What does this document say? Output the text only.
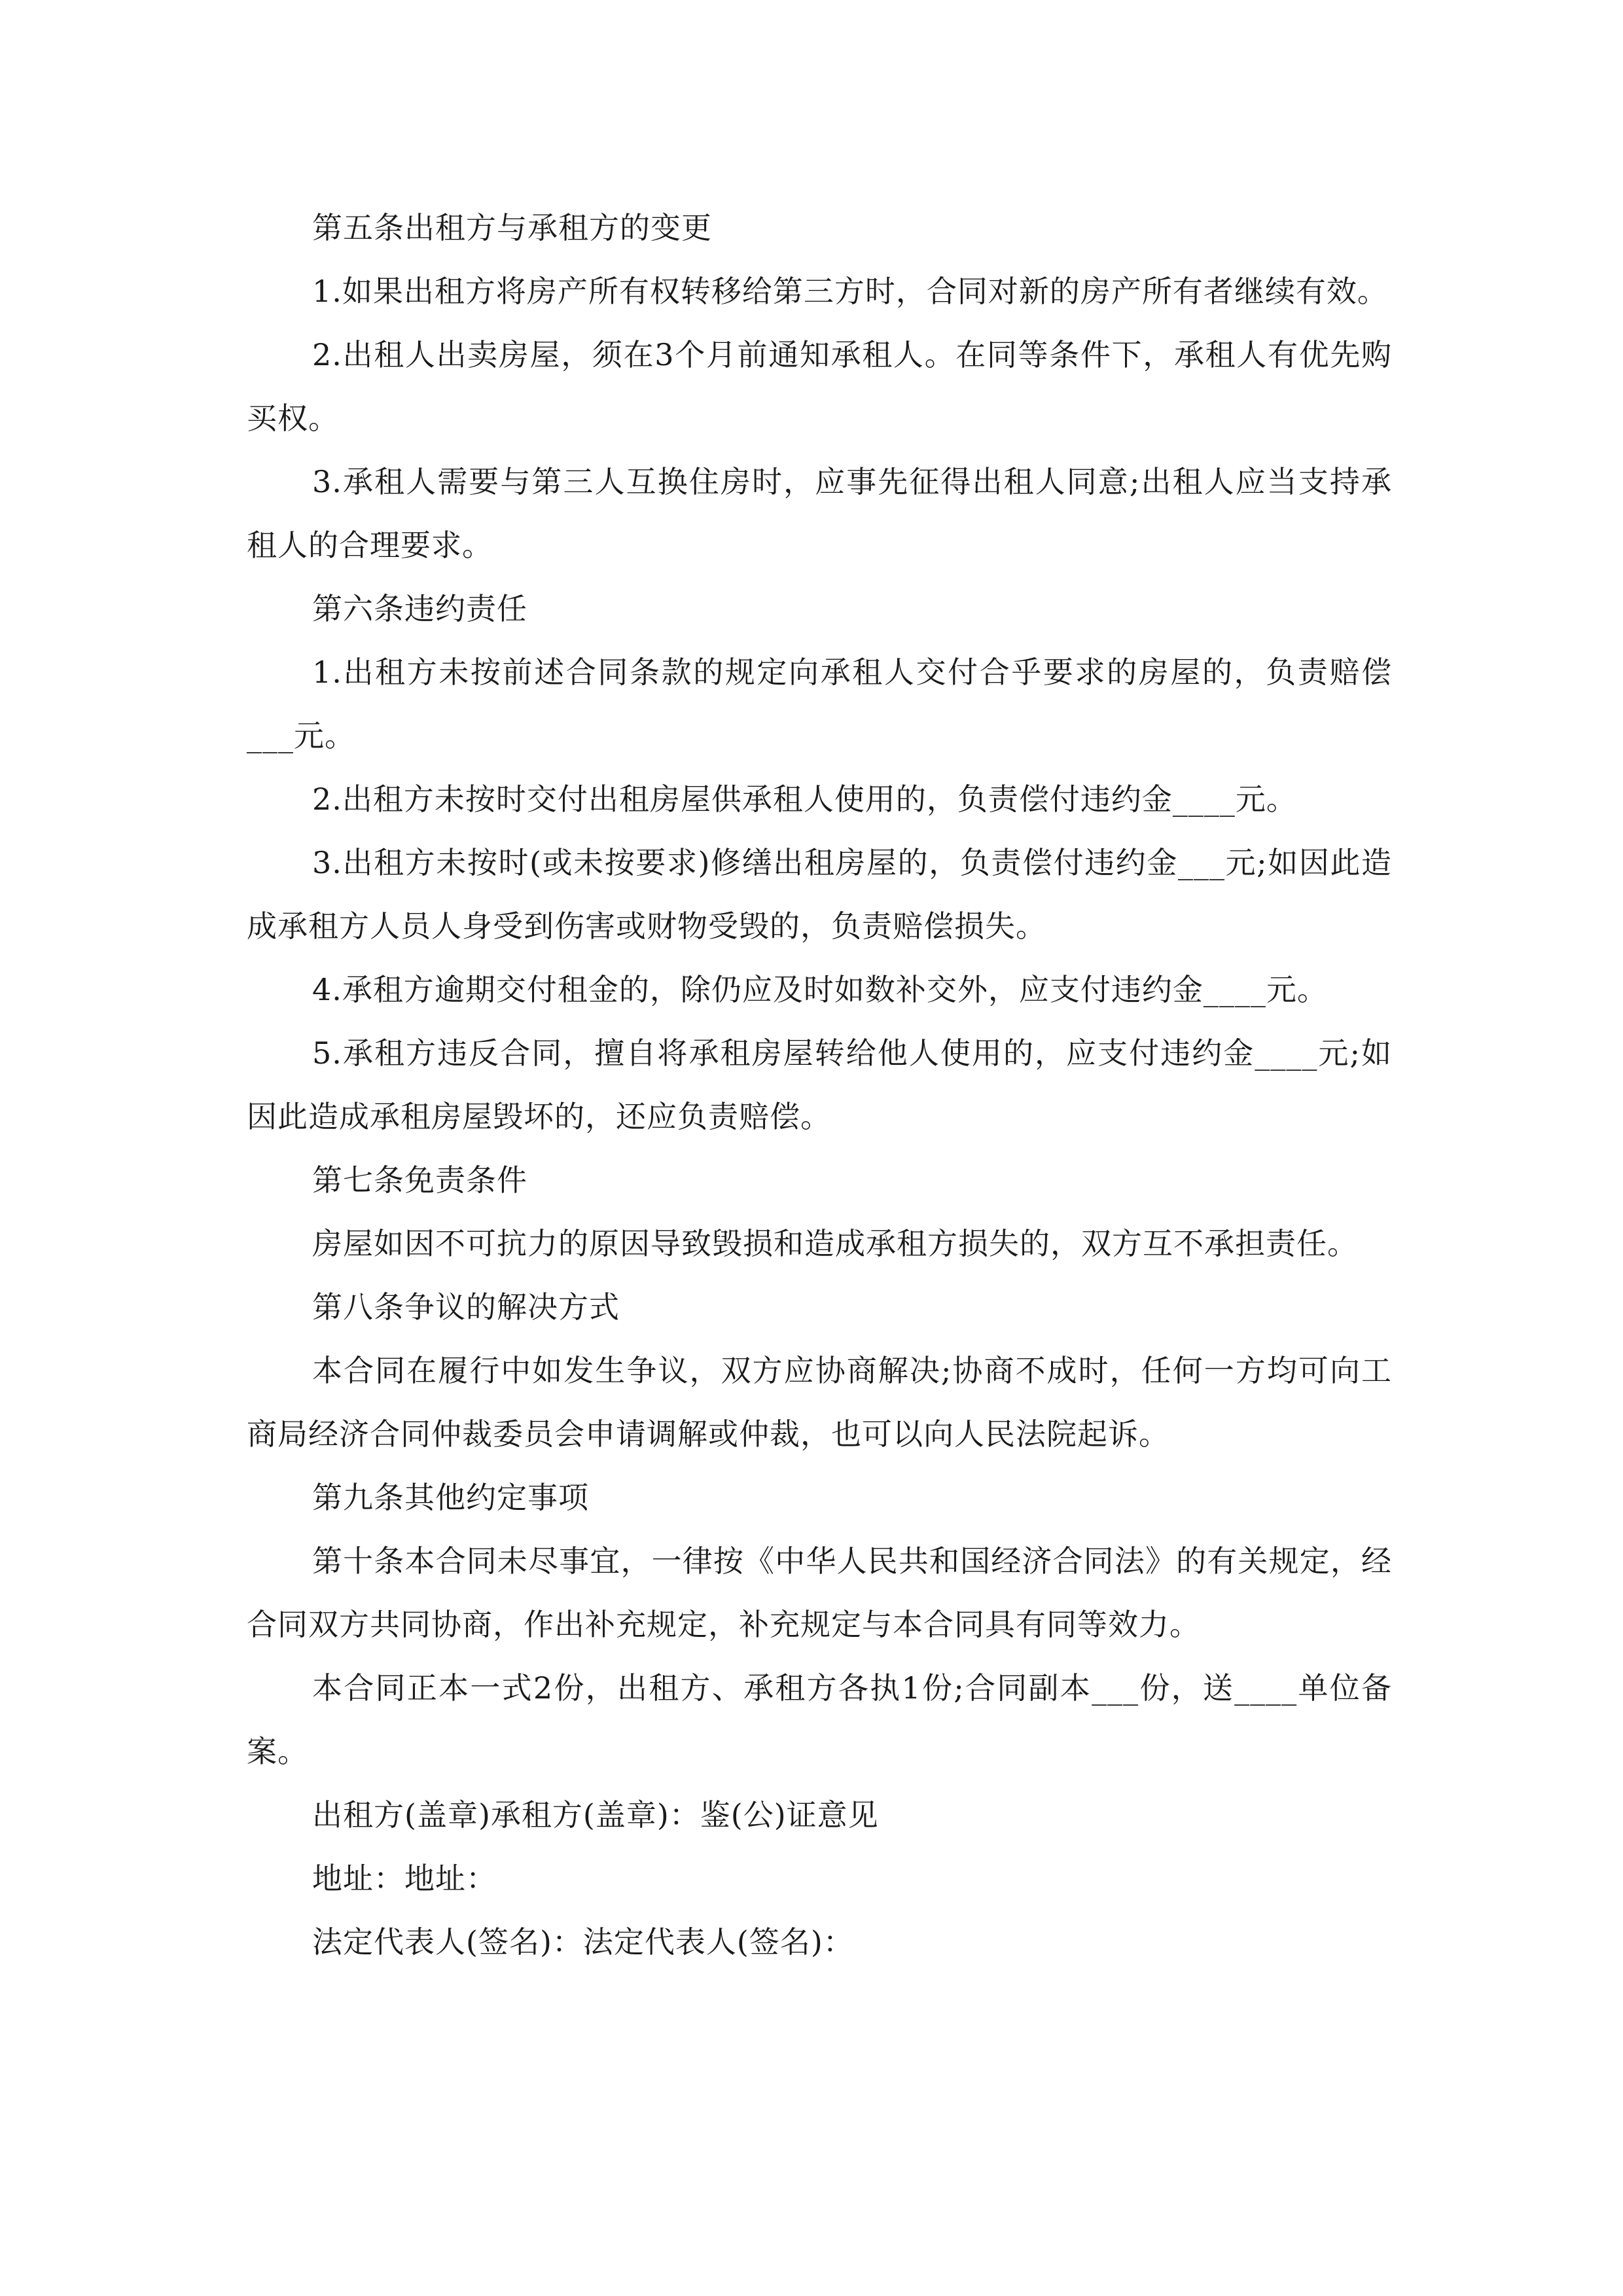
第五条出租方与承租方的变更

1.如果出租方将房产所有权转移给第三方时，合同对新的房产所有者继续有效。

2.出租人出卖房屋，须在3个月前通知承租人。在同等条件下，承租人有优先购买权。

3.承租人需要与第三人互换住房时，应事先征得出租人同意;出租人应当支持承租人的合理要求。

第六条违约责任

1.出租方未按前述合同条款的规定向承租人交付合乎要求的房屋的，负责赔偿___元。

2.出租方未按时交付出租房屋供承租人使用的，负责偿付违约金____元。

3.出租方未按时(或未按要求)修缮出租房屋的，负责偿付违约金___元;如因此造成承租方人员人身受到伤害或财物受毁的，负责赔偿损失。

4.承租方逾期交付租金的，除仍应及时如数补交外，应支付违约金____元。

5.承租方违反合同，擅自将承租房屋转给他人使用的，应支付违约金____元;如因此造成承租房屋毁坏的，还应负责赔偿。

第七条免责条件

房屋如因不可抗力的原因导致毁损和造成承租方损失的，双方互不承担责任。

第八条争议的解决方式

本合同在履行中如发生争议，双方应协商解决;协商不成时，任何一方均可向工商局经济合同仲裁委员会申请调解或仲裁，也可以向人民法院起诉。

第九条其他约定事项

第十条本合同未尽事宜，一律按《中华人民共和国经济合同法》的有关规定，经合同双方共同协商，作出补充规定，补充规定与本合同具有同等效力。

本合同正本一式2份，出租方、承租方各执1份;合同副本___份，送____单位备案。

出租方(盖章)承租方(盖章)：鉴(公)证意见

地址：地址：

法定代表人(签名)：法定代表人(签名)：
